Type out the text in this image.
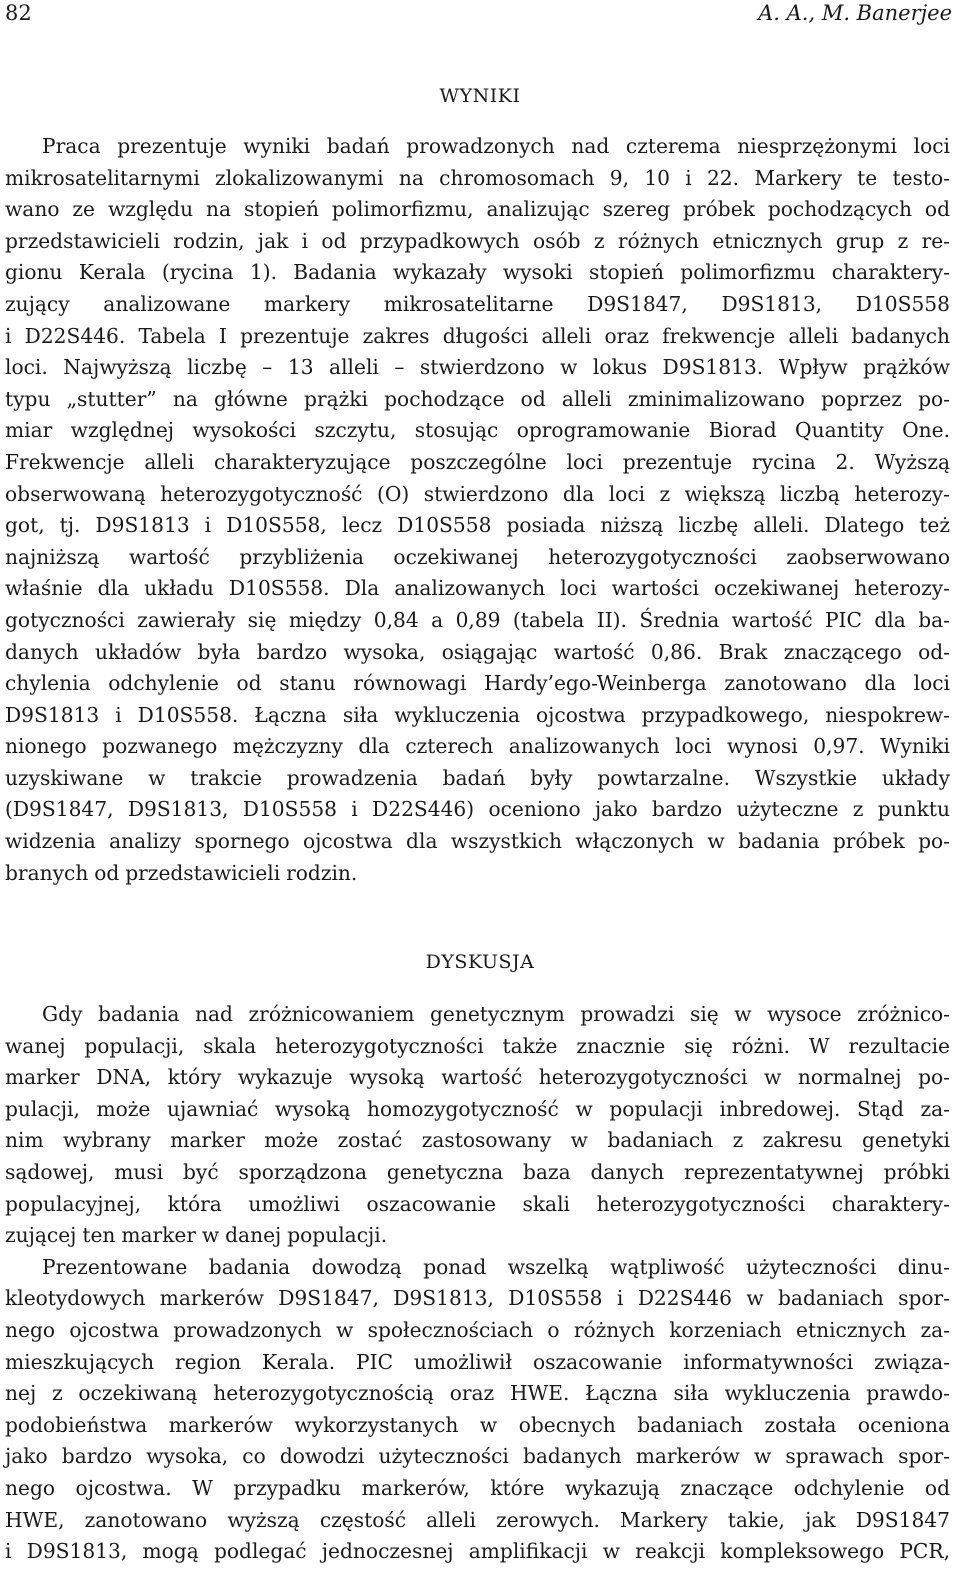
82	A. A., M. Banerjee
WYNIKI

Praca prezentuje wyniki badań prowadzonych nad czterema niesprzężonymi loci
mikrosatelitarnymi zlokalizowanymi na chromosomach 9, 10 i 22. Markery te testo-
wano ze względu na stopień polimorfizmu, analizując szereg próbek pochodzących od
przedstawicieli rodzin, jak i od przypadkowych osób z różnych etnicznych grup z re-
gionu Kerala (rycina 1). Badania wykazały wysoki stopień polimorfizmu charaktery-
zujący analizowane markery mikrosatelitarne D9S1847, D9S1813, D10S558
i D22S446. Tabela I prezentuje zakres długości alleli oraz frekwencje alleli badanych
loci. Najwyższą liczbę – 13 alleli – stwierdzono w lokus D9S1813. Wpływ prążków
typu „stutter” na główne prążki pochodzące od alleli zminimalizowano poprzez po-
miar względnej wysokości szczytu, stosując oprogramowanie Biorad Quantity One.
Frekwencje alleli charakteryzujące poszczególne loci prezentuje rycina 2. Wyższą
obserwowaną heterozygotyczność (O) stwierdzono dla loci z większą liczbą heterozy-
got, tj. D9S1813 i D10S558, lecz D10S558 posiada niższą liczbę alleli. Dlatego też
najniższą wartość przybliżenia oczekiwanej heterozygotyczności zaobserwowano
właśnie dla układu D10S558. Dla analizowanych loci wartości oczekiwanej heterozy-
gotyczności zawierały się między 0,84 a 0,89 (tabela II). Średnia wartość PIC dla ba-
danych układów była bardzo wysoka, osiągając wartość 0,86. Brak znaczącego od-
chylenia odchylenie od stanu równowagi Hardy’ego-Weinberga zanotowano dla loci
D9S1813 i D10S558. Łączna siła wykluczenia ojcostwa przypadkowego, niespokrew-
nionego pozwanego mężczyzny dla czterech analizowanych loci wynosi 0,97. Wyniki
uzyskiwane w trakcie prowadzenia badań były powtarzalne. Wszystkie układy
(D9S1847, D9S1813, D10S558 i D22S446) oceniono jako bardzo użyteczne z punktu
widzenia analizy spornego ojcostwa dla wszystkich włączonych w badania próbek po-
branych od przedstawicieli rodzin.

DYSKUSJA

Gdy badania nad zróżnicowaniem genetycznym prowadzi się w wysoce zróżnico-
wanej populacji, skala heterozygotyczności także znacznie się różni. W rezultacie
marker DNA, który wykazuje wysoką wartość heterozygotyczności w normalnej po-
pulacji, może ujawniać wysoką homozygotyczność w populacji inbredowej. Stąd za-
nim wybrany marker może zostać zastosowany w badaniach z zakresu genetyki
sądowej, musi być sporządzona genetyczna baza danych reprezentatywnej próbki
populacyjnej, która umożliwi oszacowanie skali heterozygotyczności charaktery-
zującej ten marker w danej populacji.

Prezentowane badania dowodzą ponad wszelką wątpliwość użyteczności dinu-
kleotydowych markerów D9S1847, D9S1813, D10S558 i D22S446 w badaniach spor-
nego ojcostwa prowadzonych w społecznościach o różnych korzeniach etnicznych za-
mieszkujących region Kerala. PIC umożliwił oszacowanie informatywności związa-
nej z oczekiwaną heterozygotycznością oraz HWE. Łączna siła wykluczenia prawdo-
podobieństwa markerów wykorzystanych w obecnych badaniach została oceniona
jako bardzo wysoka, co dowodzi użyteczności badanych markerów w sprawach spor-
nego ojcostwa. W przypadku markerów, które wykazują znaczące odchylenie od
HWE, zanotowano wyższą częstość alleli zerowych. Markery takie, jak D9S1847
i D9S1813, mogą podlegać jednoczesnej amplifikacji w reakcji kompleksowego PCR,
